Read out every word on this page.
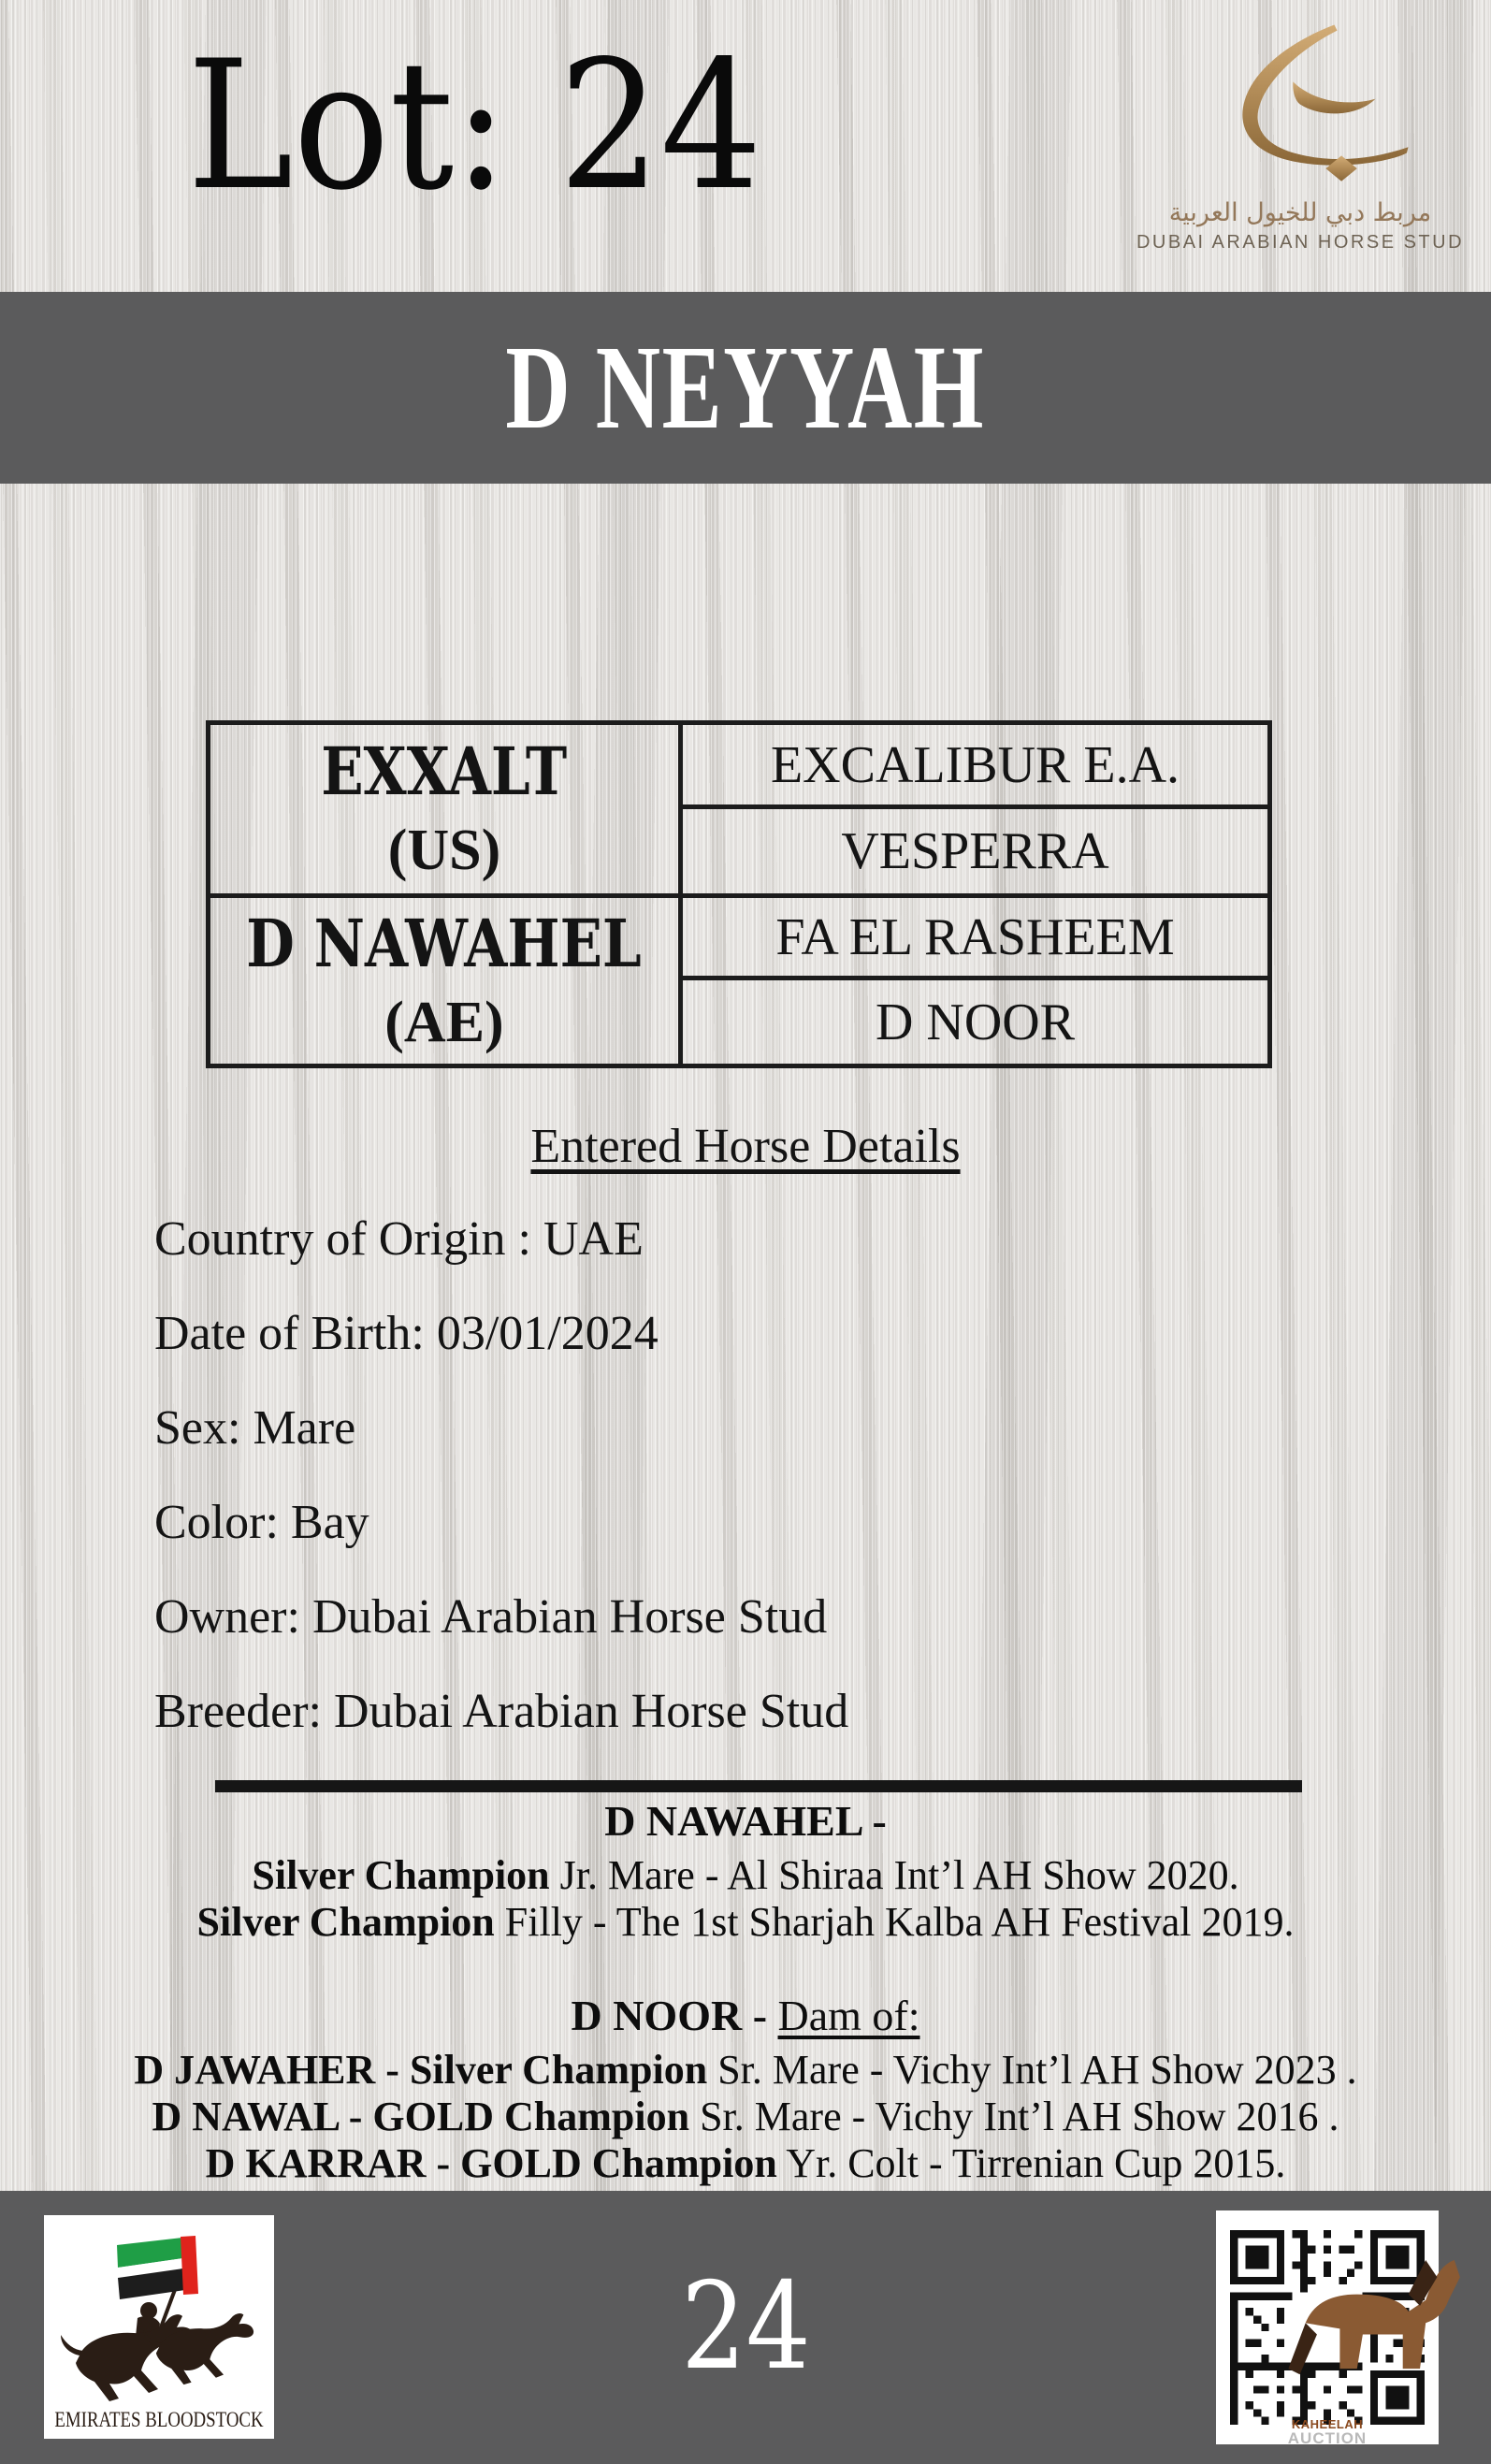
Lot: 24	مربط دبي للخيول العربية
DUBAI ARABIAN HORSE STUD
D NEYYAH
EXXALT
(US)	EXCALIBUR E.A.
	VESPERRA

D NAWAHEL
(AE)	FA EL RASHEEM
	D NOOR
Entered Horse Details
Country of Origin : UAE
Date of Birth: 03/01/2024
Sex: Mare
Color: Bay
Owner: Dubai Arabian Horse Stud
Breeder: Dubai Arabian Horse Stud
D NAWAHEL -
Silver Champion Jr. Mare - Al Shiraa Int’l AH Show 2020.
Silver Champion Filly - The 1st Sharjah Kalba AH Festival 2019.
D NOOR - Dam of:
D JAWAHER - Silver Champion Sr. Mare - Vichy Int’l AH Show 2023 .
D NAWAL - GOLD Champion Sr. Mare - Vichy Int’l AH Show 2016 .
D KARRAR - GOLD Champion Yr. Colt - Tirrenian Cup 2015.
24
EMIRATES BLOODSTOCK	KAHEELAH
AUCTION
